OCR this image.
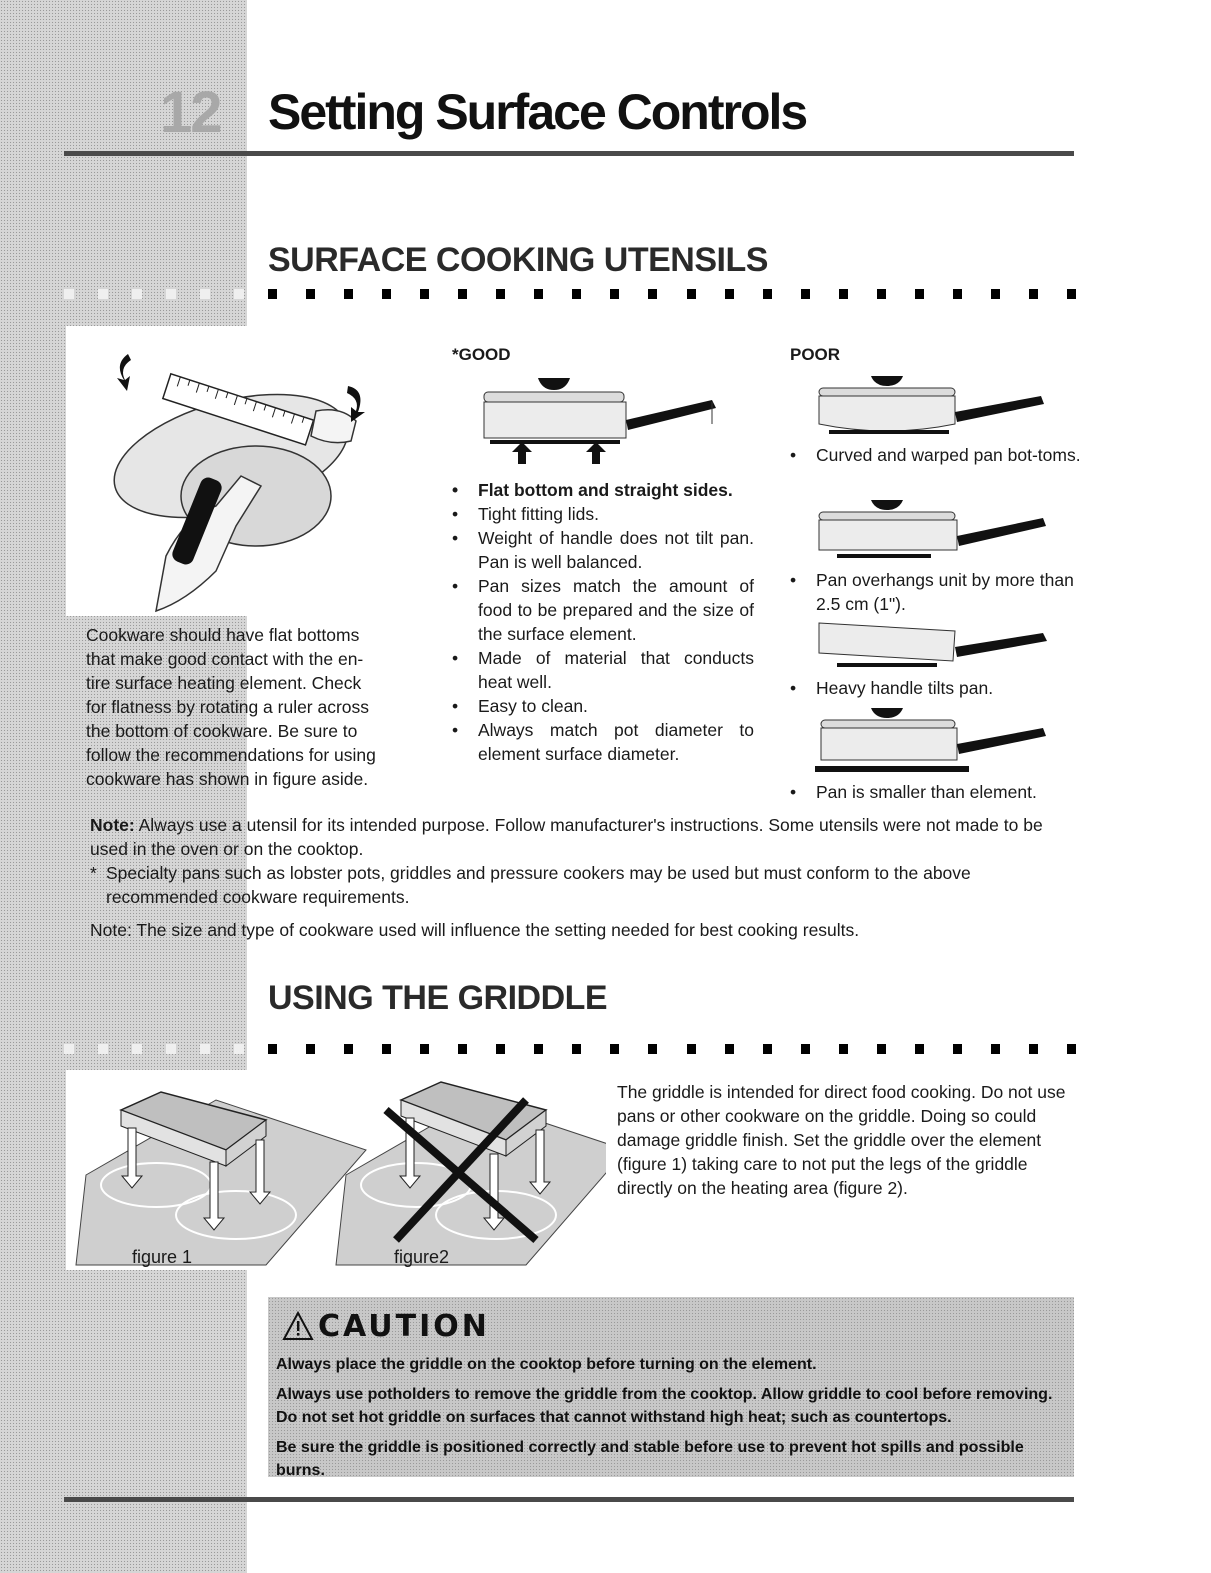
12 Setting Surface Controls
SURFACE COOKING UTENSILS
Cookware should have flat bottoms
that make good contact with the en-
tire surface heating element. Check
for flatness by rotating a ruler across
the bottom of cookware. Be sure to
follow the recommendations for using
cookware has shown in figure aside.
*GOOD
• Flat bottom and straight sides.
• Tight fitting lids.
• Weight of handle does not tilt pan. Pan is well balanced.
• Pan sizes match the amount of food to be prepared and the size of the surface element.
• Made of material that conducts heat well.
• Easy to clean.
• Always match pot diameter to element surface diameter.
POOR
• Curved and warped pan bot-toms.
• Pan overhangs unit by more than 2.5 cm (1").
• Heavy handle tilts pan.
• Pan is smaller than element.
Note: Always use a utensil for its intended purpose. Follow manufacturer's instructions. Some utensils were not made to be used in the oven or on the cooktop.
* Specialty pans such as lobster pots, griddles and pressure cookers may be used but must conform to the above recommended cookware requirements.
Note: The size and type of cookware used will influence the setting needed for best cooking results.
USING THE GRIDDLE
figure 1	figure2
The griddle is intended for direct food cooking. Do not use pans or other cookware on the griddle. Doing so could damage griddle finish. Set the griddle over the element (figure 1) taking care to not put the legs of the griddle directly on the heating area (figure 2).
CAUTION
Always place the griddle on the cooktop before turning on the element.
Always use potholders to remove the griddle from the cooktop. Allow griddle to cool before removing. Do not set hot griddle on surfaces that cannot withstand high heat; such as countertops.
Be sure the griddle is positioned correctly and stable before use to prevent hot spills and possible burns.
